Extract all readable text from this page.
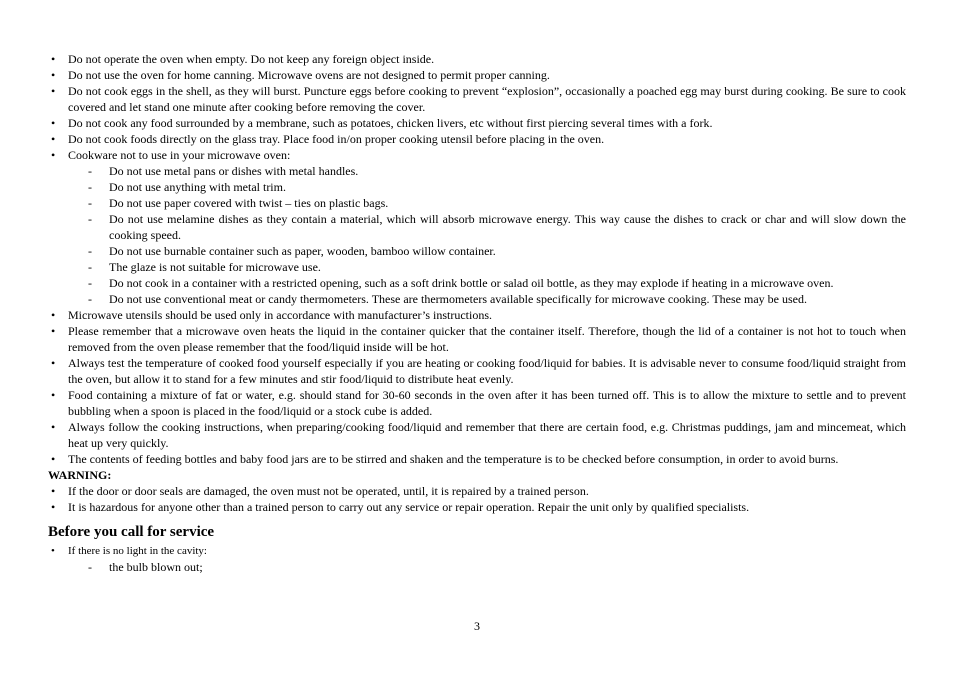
• Do not operate the oven when empty. Do not keep any foreign object inside.
• Do not use the oven for home canning. Microwave ovens are not designed to permit proper canning.
• Do not cook eggs in the shell, as they will burst. Puncture eggs before cooking to prevent “explosion”, occasionally a poached egg may burst during cooking. Be sure to cook covered and let stand one minute after cooking before removing the cover.
• Do not cook any food surrounded by a membrane, such as potatoes, chicken livers, etc without first piercing several times with a fork.
• Do not cook foods directly on the glass tray. Place food in/on proper cooking utensil before placing in the oven.
• Cookware not to use in your microwave oven:
- Do not use metal pans or dishes with metal handles.
- Do not use anything with metal trim.
- Do not use paper covered with twist – ties on plastic bags.
- Do not use melamine dishes as they contain a material, which will absorb microwave energy. This way cause the dishes to crack or char and will slow down the cooking speed.
- Do not use burnable container such as paper, wooden, bamboo willow container.
- The glaze is not suitable for microwave use.
- Do not cook in a container with a restricted opening, such as a soft drink bottle or salad oil bottle, as they may explode if heating in a microwave oven.
- Do not use conventional meat or candy thermometers. These are thermometers available specifically for microwave cooking. These may be used.
• Microwave utensils should be used only in accordance with manufacturer’s instructions.
• Please remember that a microwave oven heats the liquid in the container quicker that the container itself. Therefore, though the lid of a container is not hot to touch when removed from the oven please remember that the food/liquid inside will be hot.
• Always test the temperature of cooked food yourself especially if you are heating or cooking food/liquid for babies. It is advisable never to consume food/liquid straight from the oven, but allow it to stand for a few minutes and stir food/liquid to distribute heat evenly.
• Food containing a mixture of fat or water, e.g. should stand for 30-60 seconds in the oven after it has been turned off. This is to allow the mixture to settle and to prevent bubbling when a spoon is placed in the food/liquid or a stock cube is added.
• Always follow the cooking instructions, when preparing/cooking food/liquid and remember that there are certain food, e.g. Christmas puddings, jam and mincemeat, which heat up very quickly.
• The contents of feeding bottles and baby food jars are to be stirred and shaken and the temperature is to be checked before consumption, in order to avoid burns.
WARNING:
• If the door or door seals are damaged, the oven must not be operated, until, it is repaired by a trained person.
• It is hazardous for anyone other than a trained person to carry out any service or repair operation. Repair the unit only by qualified specialists.
Before you call for service
• If there is no light in the cavity:
- the bulb blown out;
3
